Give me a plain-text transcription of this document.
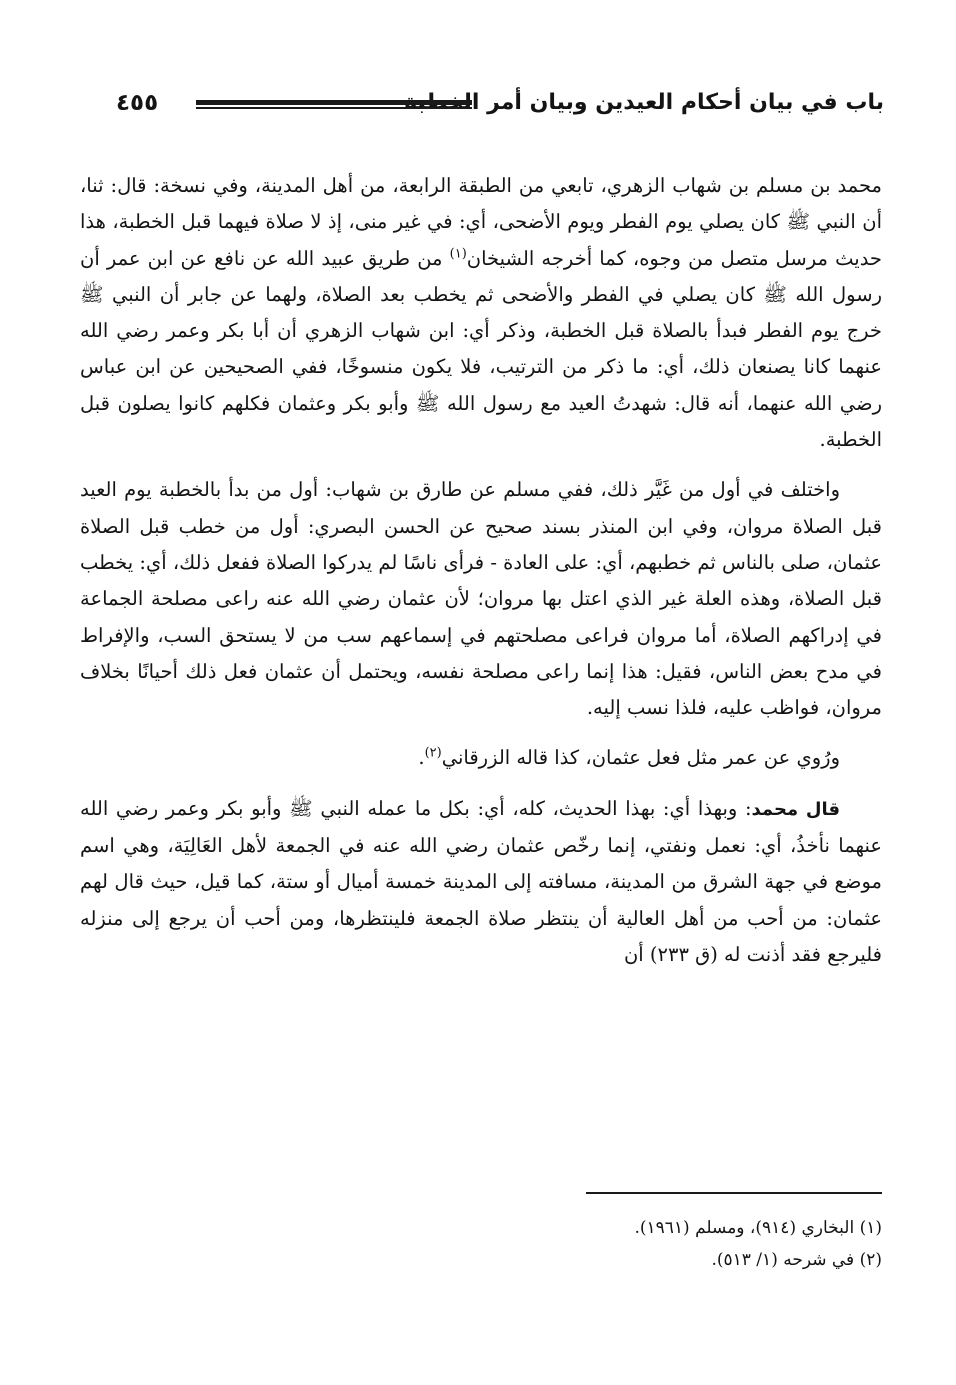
باب في بيان أحكام العيدين وبيان أمر الخطبة
٤٥٥

محمد بن مسلم بن شهاب الزهري، تابعي من الطبقة الرابعة، من أهل المدينة، وفي نسخة: قال: ثنا، أن النبي ﷺ كان يصلي يوم الفطر ويوم الأضحى، أي: في غير منى، إذ لا صلاة فيهما قبل الخطبة، هذا حديث مرسل متصل من وجوه، كما أخرجه الشيخان$^{(١)}$ من طريق عبيد الله عن نافع عن ابن عمر أن رسول الله ﷺ كان يصلي في الفطر والأضحى ثم يخطب بعد الصلاة، ولهما عن جابر أن النبي ﷺ خرج يوم الفطر فبدأ بالصلاة قبل الخطبة، وذكر أي: ابن شهاب الزهري أن أبا بكر وعمر رضي الله عنهما كانا يصنعان ذلك، أي: ما ذكر من الترتيب، فلا يكون منسوخًا، ففي الصحيحين عن ابن عباس رضي الله عنهما، أنه قال: شهدتُ العيد مع رسول الله ﷺ وأبو بكر وعثمان فكلهم كانوا يصلون قبل الخطبة.

واختلف في أول من غَيَّر ذلك، ففي مسلم عن طارق بن شهاب: أول من بدأ بالخطبة يوم العيد قبل الصلاة مروان، وفي ابن المنذر بسند صحيح عن الحسن البصري: أول من خطب قبل الصلاة عثمان، صلى بالناس ثم خطبهم، أي: على العادة - فرأى ناسًا لم يدركوا الصلاة ففعل ذلك، أي: يخطب قبل الصلاة، وهذه العلة غير الذي اعتل بها مروان؛ لأن عثمان رضي الله عنه راعى مصلحة الجماعة في إدراكهم الصلاة، أما مروان فراعى مصلحتهم في إسماعهم سب من لا يستحق السب، والإفراط في مدح بعض الناس، فقيل: هذا إنما راعى مصلحة نفسه، ويحتمل أن عثمان فعل ذلك أحيانًا بخلاف مروان، فواظب عليه، فلذا نسب إليه.

ورُوي عن عمر مثل فعل عثمان، كذا قاله الزرقاني$^{(٢)}$.

قال محمد: وبهذا أي: بهذا الحديث، كله، أي: بكل ما عمله النبي ﷺ وأبو بكر وعمر رضي الله عنهما نأخذُ، أي: نعمل ونفتي، إنما رخّص عثمان رضي الله عنه في الجمعة لأهل العَالِيَة، وهي اسم موضع في جهة الشرق من المدينة، مسافته إلى المدينة خمسة أميال أو ستة، كما قيل، حيث قال لهم عثمان: من أحب من أهل العالية أن ينتظر صلاة الجمعة فلينتظرها، ومن أحب أن يرجع إلى منزله فليرجع فقد أذنت له (ق ٢٣٣) أن

(١) البخاري (٩١٤)، ومسلم (١٩٦١).

(٢) في شرحه (١/ ٥١٣).
